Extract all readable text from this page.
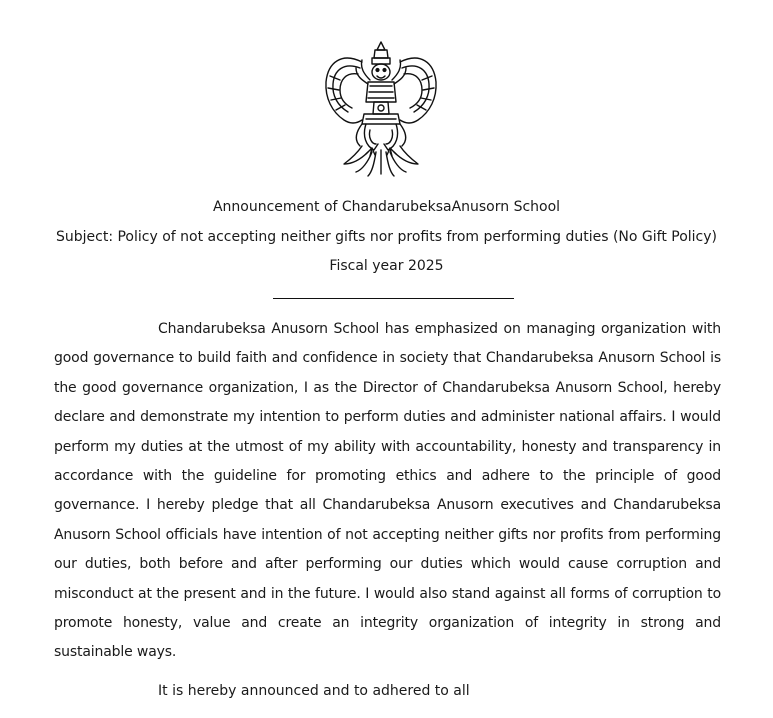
Announcement of ChandarubeksaAnusorn School
Subject: Policy of not accepting neither gifts nor profits from performing duties (No Gift Policy)
Fiscal year 2025

Chandarubeksa Anusorn School has emphasized on managing organization with good governance to build faith and confidence in society that Chandarubeksa Anusorn School is the good governance organization, I as the Director of Chandarubeksa Anusorn School, hereby declare and demonstrate my intention to perform duties and administer national affairs. I would perform my duties at the utmost of my ability with accountability, honesty and transparency in accordance with the guideline for promoting ethics and adhere to the principle of good governance. I hereby pledge that all Chandarubeksa Anusorn executives and Chandarubeksa Anusorn School officials have intention of not accepting neither gifts nor profits from performing our duties, both before and after performing our duties which would cause corruption and misconduct at the present and in the future. I would also stand against all forms of corruption to promote honesty, value and create an integrity organization of integrity in strong and sustainable ways.

It is hereby announced and to adhered to all
